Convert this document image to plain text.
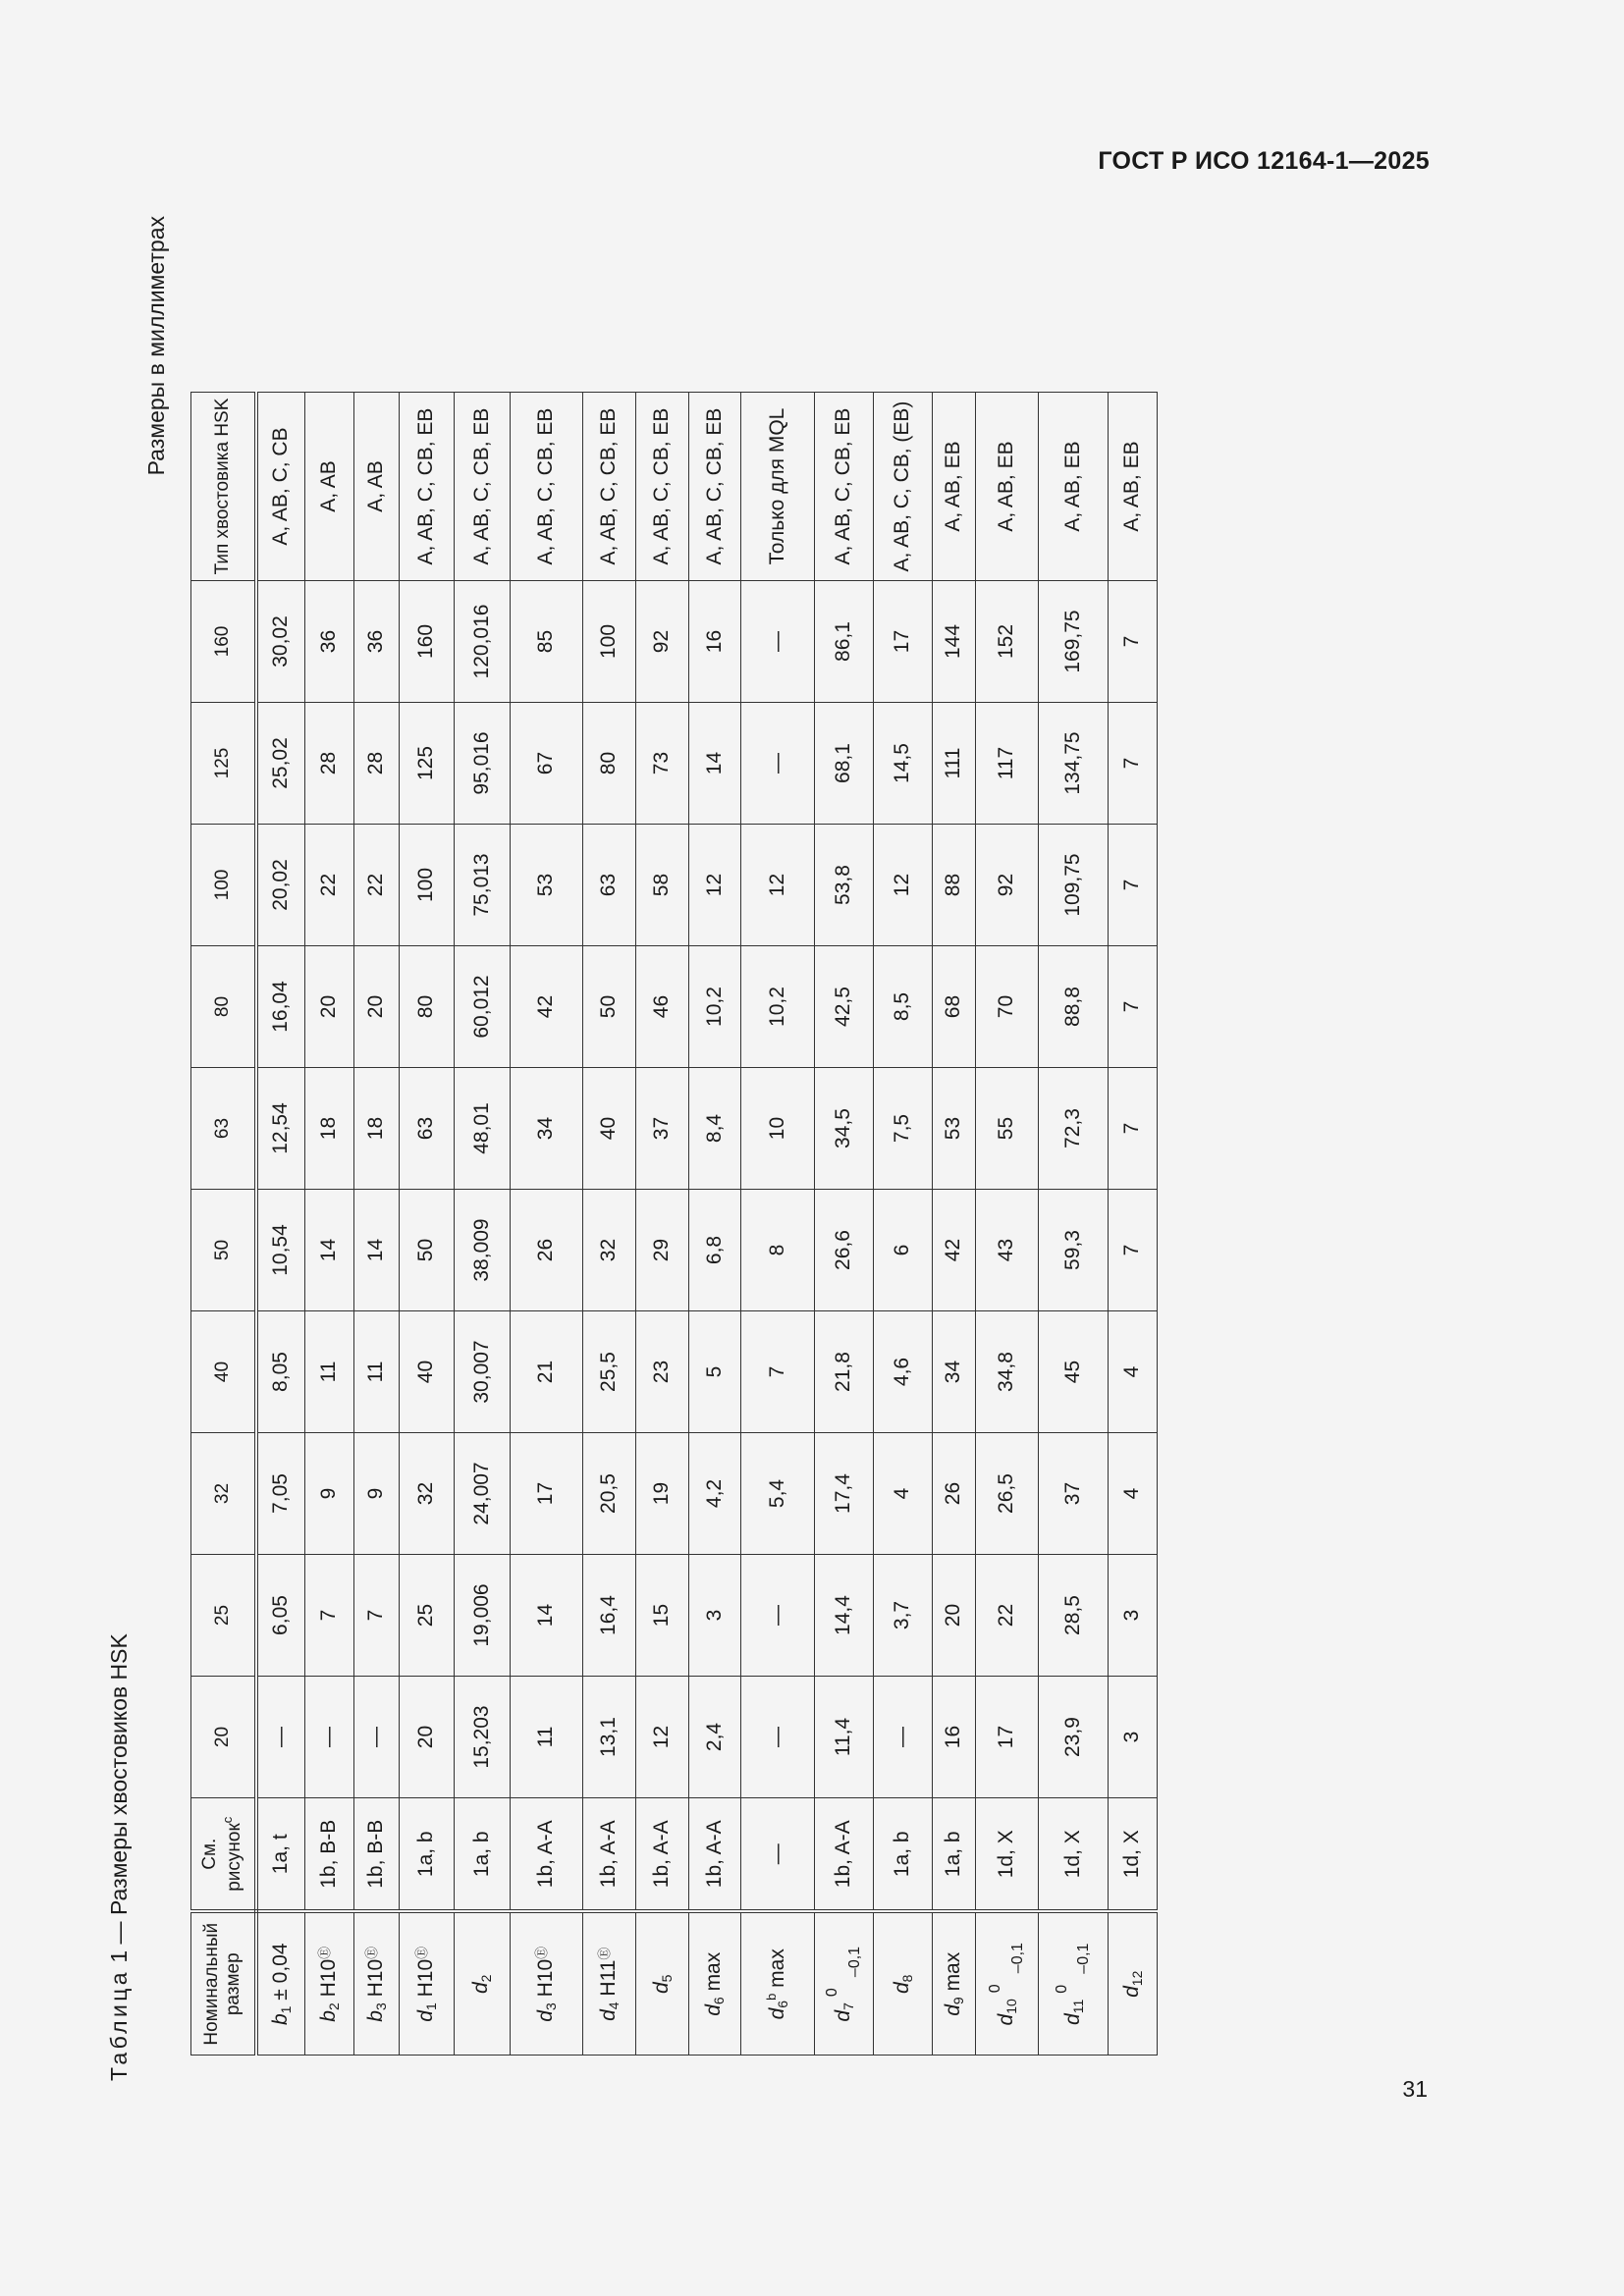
ГОСТ Р ИСО 12164-1—2025
Таблица 1 — Размеры хвостовиков HSK
Размеры в миллиметрах
Номинальный размер	См. рисунок$^c$	20	25	32	40	50	63	80	100	125	160	Тип хвостовика HSK
$b_1 \pm 0,04$	1a, t	—	6,05	7,05	8,05	10,54	12,54	16,04	20,02	25,02	30,02	A, AB, C, CB
$b_2$ H10Ⓔ	1b, B-B	—	7	9	11	14	18	20	22	28	36	A, AB
$b_3$ H10Ⓔ	1b, B-B	—	7	9	11	14	18	20	22	28	36	A, AB
$d_1$ H10Ⓔ	1a, b	20	25	32	40	50	63	80	100	125	160	A, AB, C, CB, EB
$d_2$	1a, b	15,203	19,006	24,007	30,007	38,009	48,01	60,012	75,013	95,016	120,016	A, AB, C, CB, EB
$d_3$ H10Ⓔ	1b, A-A	11	14	17	21	26	34	42	53	67	85	A, AB, C, CB, EB
$d_4$ H11Ⓔ	1b, A-A	13,1	16,4	20,5	25,5	32	40	50	63	80	100	A, AB, C, CB, EB
$d_5$	1b, A-A	12	15	19	23	29	37	46	58	73	92	A, AB, C, CB, EB
$d_6$ max	1b, A-A	2,4	3	4,2	5	6,8	8,4	10,2	12	14	16	A, AB, C, CB, EB
$d_6^b$ max	—	—	—	5,4	7	8	10	10,2	12	—	—	Только для MQL
$d_7$
0
–0,1	1b, A-A	11,4	14,4	17,4	21,8	26,6	34,5	42,5	53,8	68,1	86,1	A, AB, C, CB, EB
$d_8$	1a, b	—	3,7	4	4,6	6	7,5	8,5	12	14,5	17	A, AB, C, CB, (EB)
$d_9$ max	1a, b	16	20	26	34	42	53	68	88	111	144	A, AB, EB
$d_{10}$
0
–0,1	1d, X	17	22	26,5	34,8	43	55	70	92	117	152	A, AB, EB
$d_{11}$
0
–0,1	1d, X	23,9	28,5	37	45	59,3	72,3	88,8	109,75	134,75	169,75	A, AB, EB
$d_{12}$	1d, X	3	3	4	4	7	7	7	7	7	7	A, AB, EB
31
